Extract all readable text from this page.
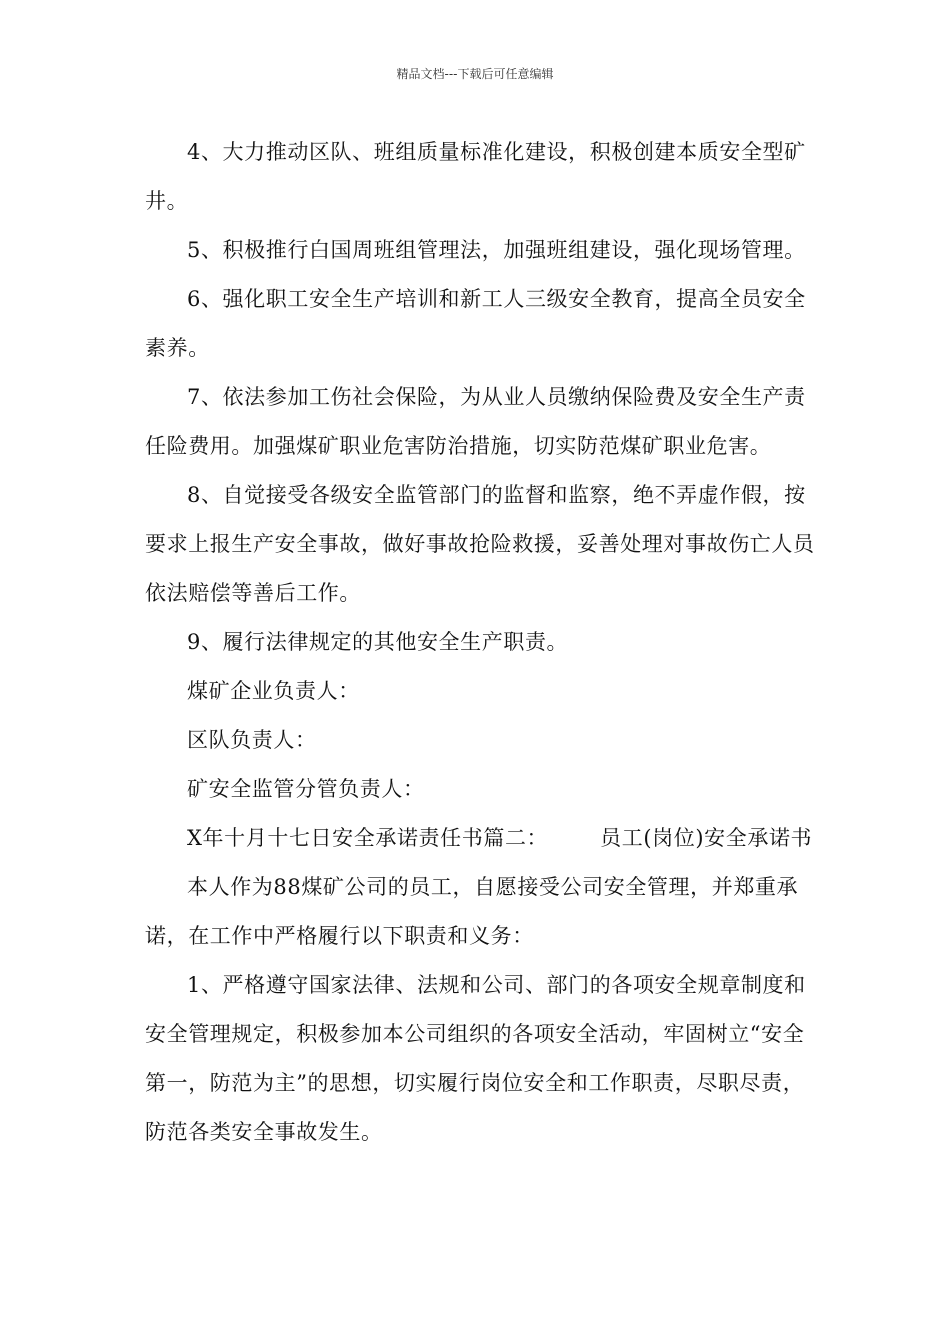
精品文档---下载后可任意编辑

4、大力推动区队、班组质量标准化建设，积极创建本质安全型矿井。

5、积极推行白国周班组管理法，加强班组建设，强化现场管理。

6、强化职工安全生产培训和新工人三级安全教育，提高全员安全素养。

7、依法参加工伤社会保险，为从业人员缴纳保险费及安全生产责任险费用。加强煤矿职业危害防治措施，切实防范煤矿职业危害。

8、自觉接受各级安全监管部门的监督和监察，绝不弄虚作假，按要求上报生产安全事故，做好事故抢险救援，妥善处理对事故伤亡人员依法赔偿等善后工作。

9、履行法律规定的其他安全生产职责。

煤矿企业负责人：

区队负责人：

矿安全监管分管负责人：

X年十月十七日安全承诺责任书篇二： 员工(岗位)安全承诺书

本人作为88煤矿公司的员工，自愿接受公司安全管理，并郑重承诺，在工作中严格履行以下职责和义务：

1、严格遵守国家法律、法规和公司、部门的各项安全规章制度和安全管理规定，积极参加本公司组织的各项安全活动，牢固树立“安全第一，防范为主”的思想，切实履行岗位安全和工作职责，尽职尽责，防范各类安全事故发生。
